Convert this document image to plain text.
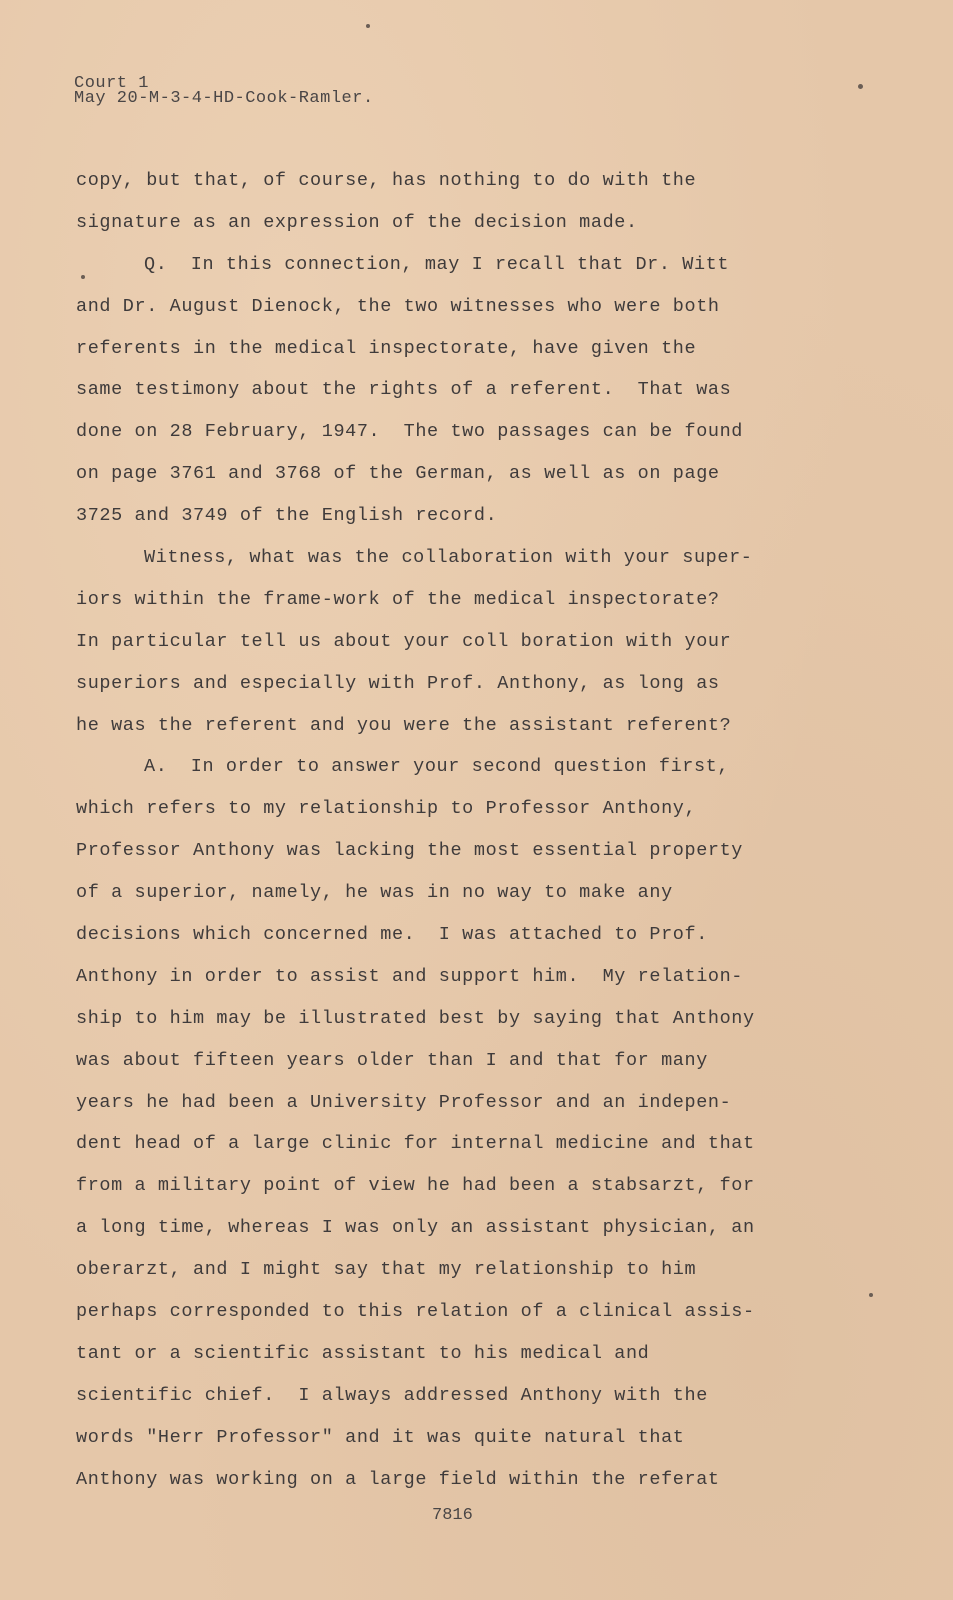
Court 1
May 20-M-3-4-HD-Cook-Ramler.
copy, but that, of course, has nothing to do with the
signature as an expression of the decision made.
Q.  In this connection, may I recall that Dr. Witt
and Dr. August Dienock, the two witnesses who were both
referents in the medical inspectorate, have given the
same testimony about the rights of a referent.  That was
done on 28 February, 1947.  The two passages can be found
on page 3761 and 3768 of the German, as well as on page
3725 and 3749 of the English record.
Witness, what was the collaboration with your super-
iors within the frame-work of the medical inspectorate?
In particular tell us about your coll boration with your
superiors and especially with Prof. Anthony, as long as
he was the referent and you were the assistant referent?
A.  In order to answer your second question first,
which refers to my relationship to Professor Anthony,
Professor Anthony was lacking the most essential property
of a superior, namely, he was in no way to make any
decisions which concerned me.  I was attached to Prof.
Anthony in order to assist and support him.  My relation-
ship to him may be illustrated best by saying that Anthony
was about fifteen years older than I and that for many
years he had been a University Professor and an indepen-
dent head of a large clinic for internal medicine and that
from a military point of view he had been a stabsarzt, for
a long time, whereas I was only an assistant physician, an
oberarzt, and I might say that my relationship to him
perhaps corresponded to this relation of a clinical assis-
tant or a scientific assistant to his medical and
scientific chief.  I always addressed Anthony with the
words "Herr Professor" and it was quite natural that
Anthony was working on a large field within the referat
7816
